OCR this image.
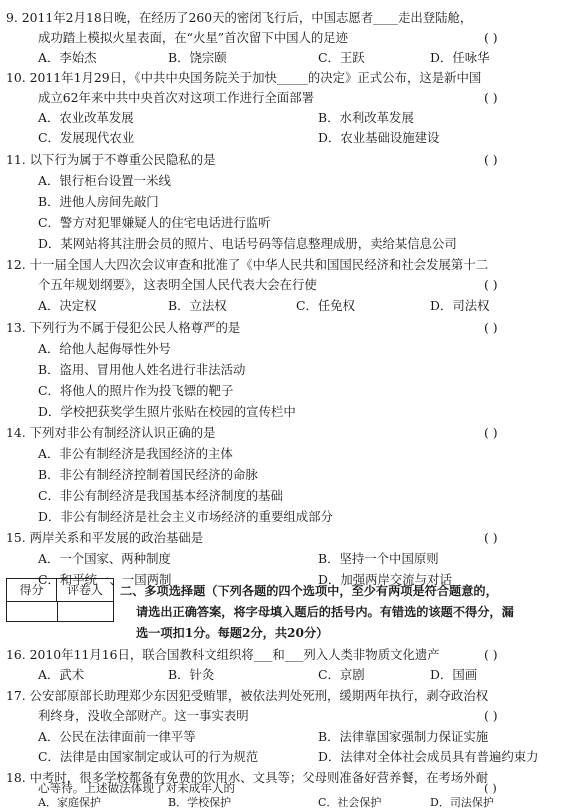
9. 2011年2月18日晚，在经历了260天的密闭飞行后，中国志愿者____走出登陆舱，
成功踏上模拟火星表面，在“火星”首次留下中国人的足迹	( )
A．李始杰	B．饶宗颐	C．王跃	D．任咏华
10. 2011年1月29日，《中共中央国务院关于加快_____的决定》正式公布，这是新中国
成立62年来中共中央首次对这项工作进行全面部署	( )
A．农业改革发展	B．水利改革发展
C．发展现代农业	D．农业基础设施建设
11. 以下行为属于不尊重公民隐私的是	( )
A．银行柜台设置一米线
B．进他人房间先敲门
C．警方对犯罪嫌疑人的住宅电话进行监听
D．某网站将其注册会员的照片、电话号码等信息整理成册，卖给某信息公司
12. 十一届全国人大四次会议审查和批准了《中华人民共和国国民经济和社会发展第十二
个五年规划纲要》，这表明全国人民代表大会在行使	( )
A．决定权	B．立法权	C．任免权	D．司法权
13. 下列行为不属于侵犯公民人格尊严的是	( )
A．给他人起侮辱性外号
B．盗用、冒用他人姓名进行非法活动
C．将他人的照片作为投飞镖的靶子
D．学校把获奖学生照片张贴在校园的宣传栏中
14. 下列对非公有制经济认识正确的是	( )
A．非公有制经济是我国经济的主体
B．非公有制经济控制着国民经济的命脉
C．非公有制经济是我国基本经济制度的基础
D．非公有制经济是社会主义市场经济的重要组成部分
15. 两岸关系和平发展的政治基础是	( )
A．一个国家、两种制度	B．坚持一个中国原则
C．和平统一、一国两制	D．加强两岸交流与对话
得分	评卷人	二、多项选择题（下列各题的四个选项中，至少有两项是符合题意的，
请选出正确答案，将字母填入题后的括号内。有错选的该题不得分，漏
选一项扣1分。每题2分，共20分）
16. 2010年11月16日，联合国教科文组织将___和___列入人类非物质文化遗产	( )
A．武术	B．针灸	C．京剧	D．国画
17. 公安部原部长助理郑少东因犯受贿罪，被依法判处死刑，缓期两年执行，剥夺政治权
利终身，没收全部财产。这一事实表明	( )
A．公民在法律面前一律平等	B．法律靠国家强制力保证实施
C．法律是由国家制定或认可的行为规范	D．法律对全体社会成员具有普遍约束力
18. 中考时，很多学校都备有免费的饮用水、文具等；父母则准备好营养餐，在考场外耐
心等待。上述做法体现了对未成年人的	( )
A．家庭保护	B．学校保护	C．社会保护	D．司法保护
